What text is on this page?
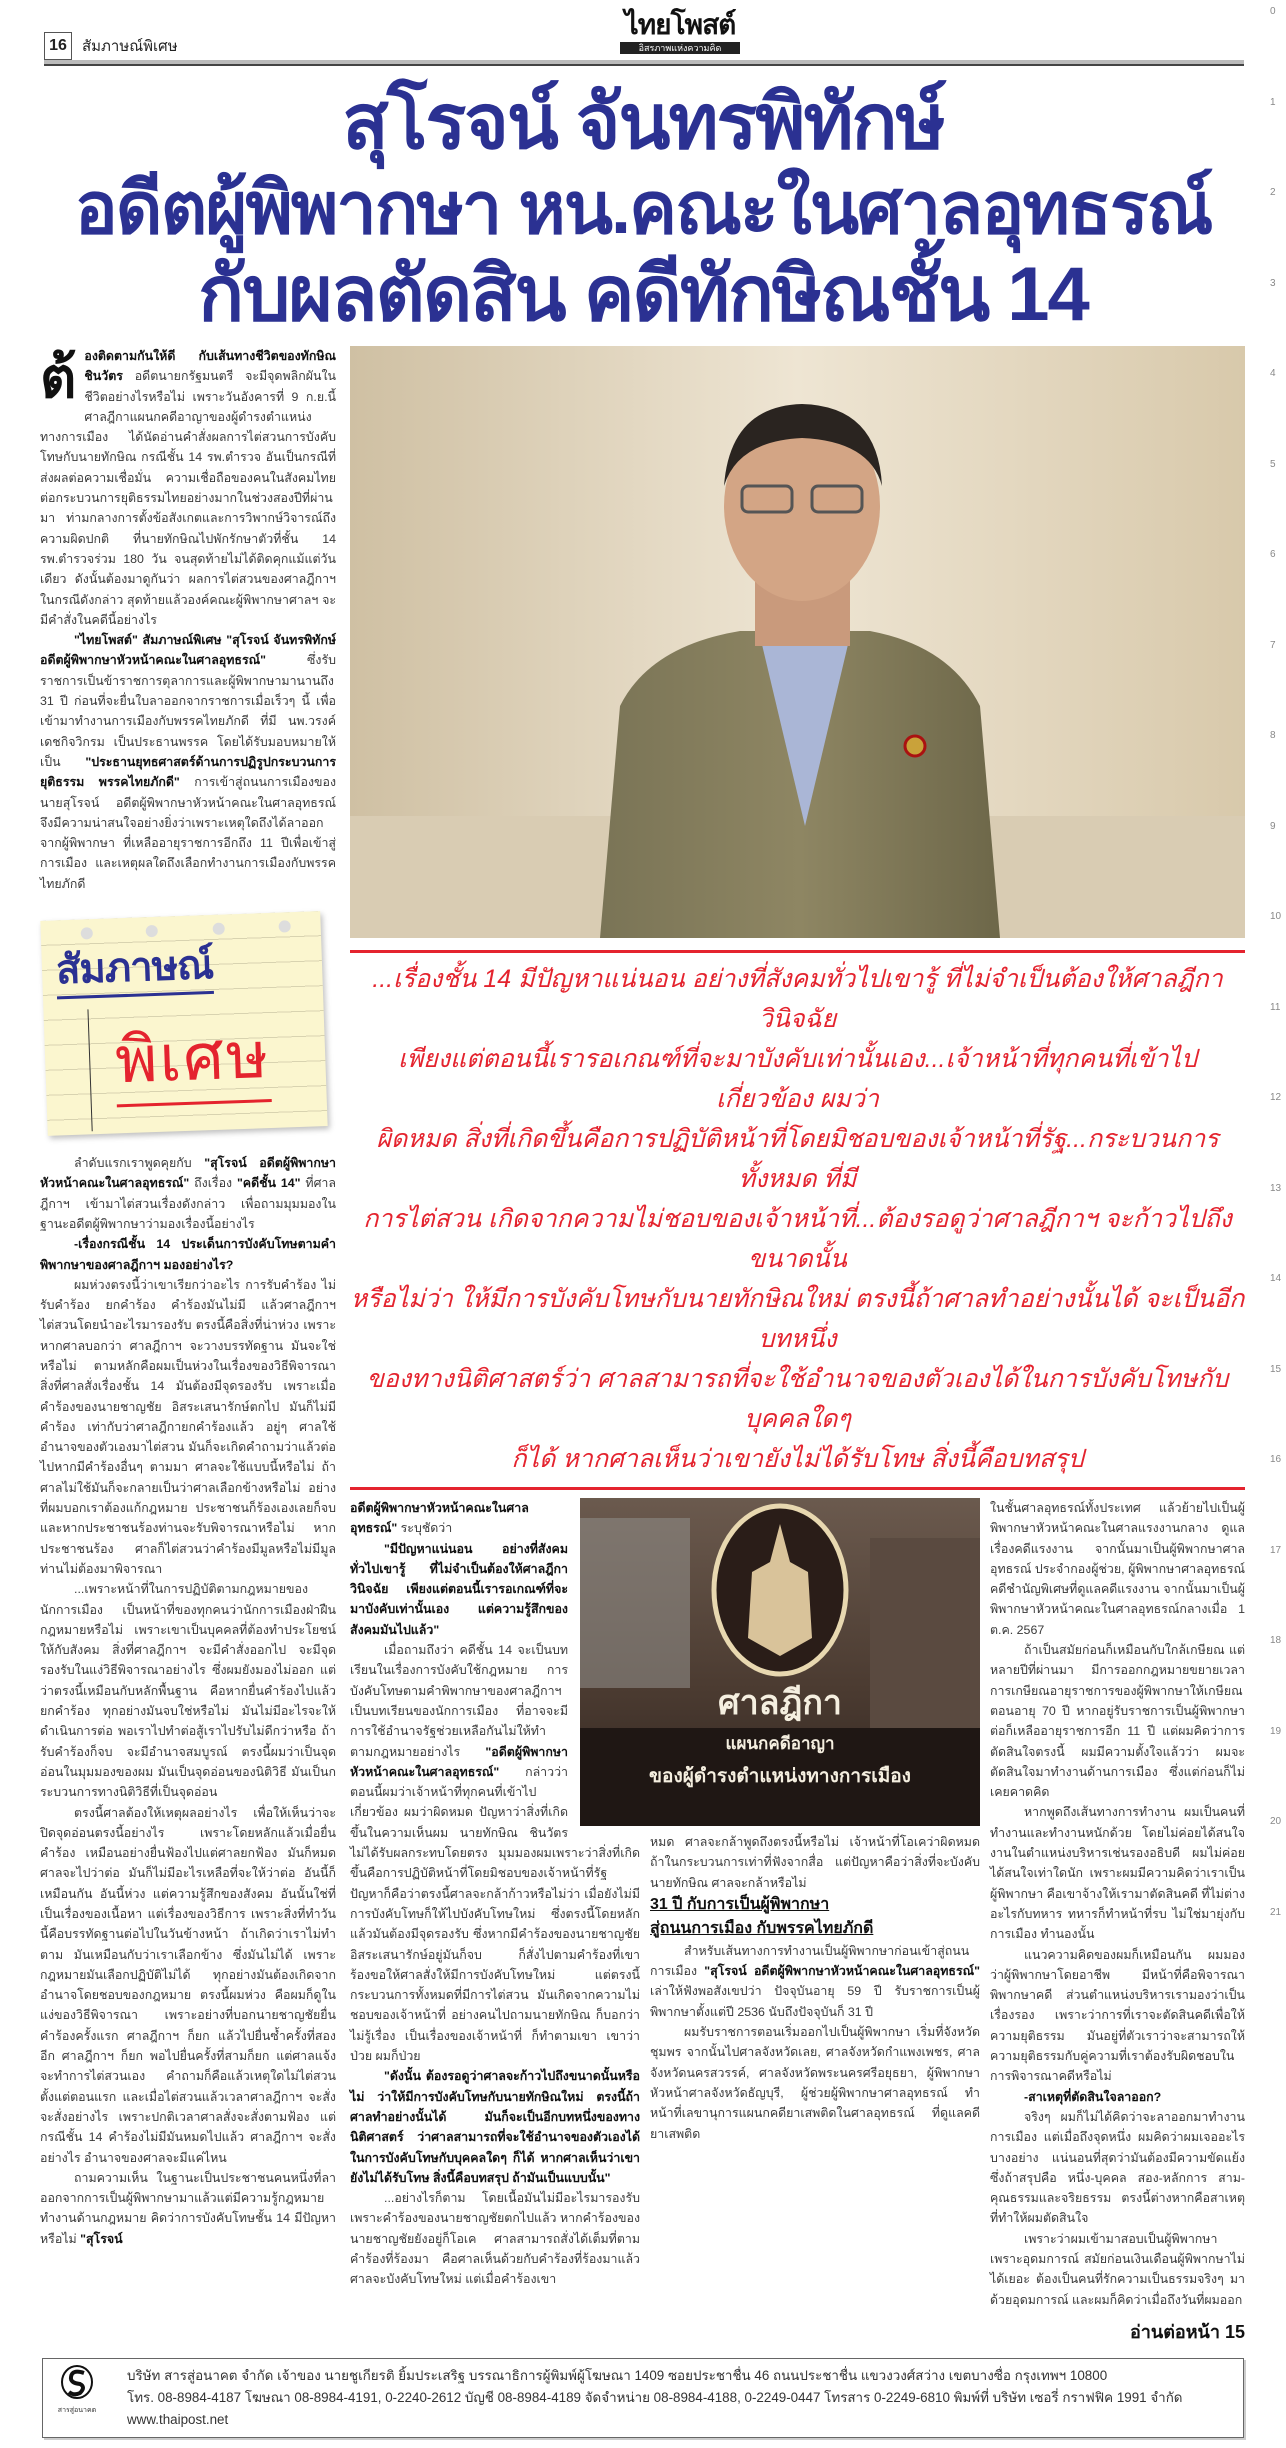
16	สัมภาษณ์พิเศษ
ไทยโพสต์
อิสรภาพแห่งความคิด
สุโรจน์ จันทรพิทักษ์
อดีตผู้พิพากษา หน.คณะในศาลอุทธรณ์
กับผลตัดสิน คดีทักษิณชั้น 14
ต้ องติดตามกันให้ดี กับเส้นทางชีวิตของทักษิณ ชินวัตร อดีตนายกรัฐมนตรี จะมีจุดพลิกผันในชีวิตอย่างไรหรือไม่ เพราะวันอังคารที่ 9 ก.ย.นี้ ศาลฎีกาแผนกคดีอาญาของผู้ดำรงตำแหน่งทางการเมือง ได้นัดอ่านคำสั่งผลการไต่สวนการบังคับโทษกับนายทักษิณ กรณีชั้น 14 รพ.ตำรวจ อันเป็นกรณีที่ส่งผลต่อความเชื่อมั่น ความเชื่อถือของคนในสังคมไทย ต่อกระบวนการยุติธรรมไทยอย่างมากในช่วงสองปีที่ผ่านมา ท่ามกลางการตั้งข้อสังเกตและการวิพากษ์วิจารณ์ถึงความผิดปกติ ที่นายทักษิณไปพักรักษาตัวที่ชั้น 14 รพ.ตำรวจร่วม 180 วัน จนสุดท้ายไม่ได้ติดคุกแม้แต่วันเดียว ดังนั้นต้องมาดูกันว่า ผลการไต่สวนของศาลฎีกาฯ ในกรณีดังกล่าว สุดท้ายแล้วองค์คณะผู้พิพากษาศาลฯ จะมีคำสั่งในคดีนี้อย่างไร

"ไทยโพสต์" สัมภาษณ์พิเศษ "สุโรจน์ จันทรพิทักษ์ อดีตผู้พิพากษาหัวหน้าคณะในศาลอุทธรณ์" ซึ่งรับราชการเป็นข้าราชการตุลาการและผู้พิพากษามานานถึง 31 ปี ก่อนที่จะยื่นใบลาออกจากราชการเมื่อเร็วๆ นี้ เพื่อเข้ามาทำงานการเมืองกับพรรคไทยภักดี ที่มี นพ.วรงค์ เดชกิจวิกรม เป็นประธานพรรค โดยได้รับมอบหมายให้เป็น "ประธานยุทธศาสตร์ด้านการปฏิรูปกระบวนการยุติธรรม พรรคไทยภักดี" การเข้าสู่ถนนการเมืองของนายสุโรจน์ อดีตผู้พิพากษาหัวหน้าคณะในศาลอุทธรณ์ จึงมีความน่าสนใจอย่างยิ่งว่าเพราะเหตุใดถึงได้ลาออกจากผู้พิพากษา ที่เหลืออายุราชการอีกถึง 11 ปีเพื่อเข้าสู่การเมือง และเหตุผลใดถึงเลือกทำงานการเมืองกับพรรคไทยภักดี

สัมภาษณ์
พิเศษ

ลำดับแรกเราพูดคุยกับ "สุโรจน์ อดีตผู้พิพากษาหัวหน้าคณะในศาลอุทธรณ์" ถึงเรื่อง "คดีชั้น 14" ที่ศาลฎีกาฯ เข้ามาไต่สวนเรื่องดังกล่าว เพื่อถามมุมมองในฐานะอดีตผู้พิพากษาว่ามองเรื่องนี้อย่างไร

-เรื่องกรณีชั้น 14 ประเด็นการบังคับโทษตามคำพิพากษาของศาลฎีกาฯ มองอย่างไร?

ผมห่วงตรงนี้ว่าเขาเรียกว่าอะไร การรับคำร้อง ไม่รับคำร้อง ยกคำร้อง คำร้องมันไม่มี แล้วศาลฎีกาฯ ไต่สวนโดยนำอะไรมารองรับ ตรงนี้คือสิ่งที่น่าห่วง เพราะหากศาลบอกว่า ศาลฎีกาฯ จะวางบรรทัดฐาน มันจะใช่หรือไม่ ตามหลักคือผมเป็นห่วงในเรื่องของวิธีพิจารณา สิ่งที่ศาลสั่งเรื่องชั้น 14 มันต้องมีจุดรองรับ เพราะเมื่อคำร้องของนายชาญชัย อิสระเสนารักษ์ตกไป มันก็ไม่มีคำร้อง เท่ากับว่าศาลฎีกายกคำร้องแล้ว อยู่ๆ ศาลใช้อำนาจของตัวเองมาไต่สวน มันก็จะเกิดคำถามว่าแล้วต่อไปหากมีคำร้องอื่นๆ ตามมา ศาลจะใช้แบบนี้หรือไม่ ถ้าศาลไม่ใช้มันก็จะกลายเป็นว่าศาลเลือกข้างหรือไม่ อย่างที่ผมบอกเราต้องแก้กฎหมาย ประชาชนก็ร้องเองเลยก็จบ และหากประชาชนร้องท่านจะรับพิจารณาหรือไม่ หากประชาชนร้อง ศาลก็ไต่สวนว่าคำร้องมีมูลหรือไม่มีมูล ท่านไม่ต้องมาพิจารณา

...เพราะหน้าที่ในการปฏิบัติตามกฎหมายของนักการเมือง เป็นหน้าที่ของทุกคนว่านักการเมืองฝ่าฝืนกฎหมายหรือไม่ เพราะเขาเป็นบุคคลที่ต้องทำประโยชน์ให้กับสังคม สิ่งที่ศาลฎีกาฯ จะมีคำสั่งออกไป จะมีจุดรองรับในแง่วิธีพิจารณาอย่างไร ซึ่งผมยังมองไม่ออก แต่ว่าตรงนี้เหมือนกับหลักพื้นฐาน คือหากยื่นคำร้องไปแล้วยกคำร้อง ทุกอย่างมันจบใช่หรือไม่ มันไม่มีอะไรจะให้ดำเนินการต่อ พอเราไปทำต่อสู้เราไปรับไม่ดีกว่าหรือ ถ้ารับคำร้องก็จบ จะมีอำนาจสมบูรณ์ ตรงนี้ผมว่าเป็นจุดอ่อนในมุมมองของผม มันเป็นจุดอ่อนของนิติวิธี มันเป็นกระบวนการทางนิติวิธีที่เป็นจุดอ่อน

ตรงนี้ศาลต้องให้เหตุผลอย่างไร เพื่อให้เห็นว่าจะปิดจุดอ่อนตรงนี้อย่างไร เพราะโดยหลักแล้วเมื่อยื่นคำร้อง เหมือนอย่างยื่นฟ้องไปแต่ศาลยกฟ้อง มันก็หมด ศาลจะไปว่าต่อ มันก็ไม่มีอะไรเหลือที่จะให้ว่าต่อ อันนี้ก็เหมือนกัน อันนี้ห่วง แต่ความรู้สึกของสังคม อันนั้นใช่ที่เป็นเรื่องของเนื้อหา แต่เรื่องของวิธีการ เพราะสิ่งที่ทำวันนี้คือบรรทัดฐานต่อไปในวันข้างหน้า ถ้าเกิดว่าเราไม่ทำตาม มันเหมือนกับว่าเราเลือกข้าง ซึ่งมันไม่ได้ เพราะกฎหมายมันเลือกปฏิบัติไม่ได้ ทุกอย่างมันต้องเกิดจากอำนาจโดยชอบของกฎหมาย ตรงนี้ผมห่วง คือผมก็ดูในแง่ของวิธีพิจารณา เพราะอย่างที่บอกนายชาญชัยยื่นคำร้องครั้งแรก ศาลฎีกาฯ ก็ยก แล้วไปยื่นซ้ำครั้งที่สองอีก ศาลฎีกาฯ ก็ยก พอไปยื่นครั้งที่สามก็ยก แต่ศาลแจ้งจะทำการไต่สวนเอง คำถามก็คือแล้วเหตุใดไม่ไต่สวนตั้งแต่ตอนแรก และเมื่อไต่สวนแล้วเวลาศาลฎีกาฯ จะสั่ง จะสั่งอย่างไร เพราะปกติเวลาศาลสั่งจะสั่งตามฟ้อง แต่กรณีชั้น 14 คำร้องไม่มีมันหมดไปแล้ว ศาลฎีกาฯ จะสั่งอย่างไร อำนาจของศาลจะมีแค่ไหน

ถามความเห็น ในฐานะเป็นประชาชนคนหนึ่งที่ลาออกจากการเป็นผู้พิพากษามาแล้วแต่มีความรู้กฎหมาย ทำงานด้านกฎหมาย คิดว่าการบังคับโทษชั้น 14 มีปัญหาหรือไม่ "สุโรจน์

...เรื่องชั้น 14 มีปัญหาแน่นอน อย่างที่สังคมทั่วไปเขารู้ ที่ไม่จำเป็นต้องให้ศาลฎีกาวินิจฉัย
เพียงแต่ตอนนี้เรารอเกณฑ์ที่จะมาบังคับเท่านั้นเอง...เจ้าหน้าที่ทุกคนที่เข้าไปเกี่ยวข้อง ผมว่า
ผิดหมด สิ่งที่เกิดขึ้นคือการปฏิบัติหน้าที่โดยมิชอบของเจ้าหน้าที่รัฐ...กระบวนการทั้งหมด ที่มี
การไต่สวน เกิดจากความไม่ชอบของเจ้าหน้าที่...ต้องรอดูว่าศาลฎีกาฯ จะก้าวไปถึงขนาดนั้น
หรือไม่ว่า ให้มีการบังคับโทษกับนายทักษิณใหม่ ตรงนี้ถ้าศาลทำอย่างนั้นได้ จะเป็นอีกบทหนึ่ง
ของทางนิติศาสตร์ว่า ศาลสามารถที่จะใช้อำนาจของตัวเองได้ในการบังคับโทษกับบุคคลใดๆ
ก็ได้ หากศาลเห็นว่าเขายังไม่ได้รับโทษ สิ่งนี้คือบทสรุป

อดีตผู้พิพากษาหัวหน้าคณะในศาลอุทธรณ์" ระบุชัดว่า

"มีปัญหาแน่นอน อย่างที่สังคมทั่วไปเขารู้ ที่ไม่จำเป็นต้องให้ศาลฎีกาวินิจฉัย เพียงแต่ตอนนี้เรารอเกณฑ์ที่จะมาบังคับเท่านั้นเอง แต่ความรู้สึกของสังคมมันไปแล้ว"

เมื่อถามถึงว่า คดีชั้น 14 จะเป็นบทเรียนในเรื่องการบังคับใช้กฎหมาย การบังคับโทษตามคำพิพากษาของศาลฎีกาฯ เป็นบทเรียนของนักการเมือง ที่อาจจะมีการใช้อำนาจรัฐช่วยเหลือกันไม่ให้ทำตามกฎหมายอย่างไร "อดีตผู้พิพากษาหัวหน้าคณะในศาลอุทธรณ์" กล่าวว่า ตอนนี้ผมว่าเจ้าหน้าที่ทุกคนที่เข้าไปเกี่ยวข้อง ผมว่าผิดหมด ปัญหาว่าสิ่งที่เกิดขึ้นในความเห็นผม นายทักษิณ ชินวัตร ไม่ได้รับผลกระทบโดยตรง มุมมองผมเพราะว่าสิ่งที่เกิดขึ้นคือการปฏิบัติหน้าที่โดยมิชอบของเจ้าหน้าที่รัฐ ปัญหาก็คือว่าตรงนี้ศาลจะกล้าก้าวหรือไม่ว่า เมื่อยังไม่มีการบังคับโทษก็ให้ไปบังคับโทษใหม่ ซึ่งตรงนี้โดยหลักแล้วมันต้องมีจุดรองรับ ซึ่งหากมีคำร้องของนายชาญชัย อิสระเสนารักษ์อยู่มันก็จบ ก็สั่งไปตามคำร้องที่เขาร้องขอให้ศาลสั่งให้มีการบังคับโทษใหม่ แต่ตรงนี้กระบวนการทั้งหมดที่มีการไต่สวน มันเกิดจากความไม่ชอบของเจ้าหน้าที่ อย่างคนไปถามนายทักษิณ ก็บอกว่าไม่รู้เรื่อง เป็นเรื่องของเจ้าหน้าที่ ก็ทำตามเขา เขาว่าป่วย ผมก็ป่วย

"ดังนั้น ต้องรอดูว่าศาลจะก้าวไปถึงขนาดนั้นหรือไม่ ว่าให้มีการบังคับโทษกับนายทักษิณใหม่ ตรงนี้ถ้าศาลทำอย่างนั้นได้ มันก็จะเป็นอีกบทหนึ่งของทางนิติศาสตร์ ว่าศาลสามารถที่จะใช้อำนาจของตัวเองได้ในการบังคับโทษกับบุคคลใดๆ ก็ได้ หากศาลเห็นว่าเขายังไม่ได้รับโทษ สิ่งนี้คือบทสรุป ถ้ามันเป็นแบบนั้น"

...อย่างไรก็ตาม โดยเนื้อมันไม่มีอะไรมารองรับเพราะคำร้องของนายชาญชัยตกไปแล้ว หากคำร้องของนายชาญชัยยังอยู่ก็โอเค ศาลสามารถสั่งได้เต็มที่ตามคำร้องที่ร้องมา คือศาลเห็นด้วยกับคำร้องที่ร้องมาแล้วศาลจะบังคับโทษใหม่ แต่เมื่อคำร้องเขา

ศาลฎีกา
แผนกคดีอาญา
ของผู้ดำรงตำแหน่งทางการเมือง

หมด ศาลจะกล้าพูดถึงตรงนี้หรือไม่ เจ้าหน้าที่โอเคว่าผิดหมด ถ้าในกระบวนการเท่าที่ฟังจากสื่อ แต่ปัญหาคือว่าสิ่งที่จะบังคับนายทักษิณ ศาลจะกล้าหรือไม่

31 ปี กับการเป็นผู้พิพากษา
สู่ถนนการเมือง กับพรรคไทยภักดี

สำหรับเส้นทางการทำงานเป็นผู้พิพากษาก่อนเข้าสู่ถนนการเมือง "สุโรจน์ อดีตผู้พิพากษาหัวหน้าคณะในศาลอุทธรณ์" เล่าให้ฟังพอสังเขปว่า ปัจจุบันอายุ 59 ปี รับราชการเป็นผู้พิพากษาตั้งแต่ปี 2536 นับถึงปัจจุบันก็ 31 ปี

ผมรับราชการตอนเริ่มออกไปเป็นผู้พิพากษา เริ่มที่จังหวัดชุมพร จากนั้นไปศาลจังหวัดเลย, ศาลจังหวัดกำแพงเพชร, ศาลจังหวัดนครสวรรค์, ศาลจังหวัดพระนครศรีอยุธยา, ผู้พิพากษาหัวหน้าศาลจังหวัดธัญบุรี, ผู้ช่วยผู้พิพากษาศาลอุทธรณ์ ทำหน้าที่เลขานุการแผนกคดียาเสพติดในศาลอุทธรณ์ ที่ดูแลคดียาเสพติด

ในชั้นศาลอุทธรณ์ทั้งประเทศ แล้วย้ายไปเป็นผู้พิพากษาหัวหน้าคณะในศาลแรงงานกลาง ดูแลเรื่องคดีแรงงาน จากนั้นมาเป็นผู้พิพากษาศาลอุทธรณ์ ประจำกองผู้ช่วย, ผู้พิพากษาศาลอุทธรณ์คดีชำนัญพิเศษที่ดูแลคดีแรงงาน จากนั้นมาเป็นผู้พิพากษาหัวหน้าคณะในศาลอุทธรณ์กลางเมื่อ 1 ต.ค. 2567

ถ้าเป็นสมัยก่อนก็เหมือนกับใกล้เกษียณ แต่หลายปีที่ผ่านมา มีการออกกฎหมายขยายเวลาการเกษียณอายุราชการของผู้พิพากษาให้เกษียณตอนอายุ 70 ปี หากอยู่รับราชการเป็นผู้พิพากษาต่อก็เหลืออายุราชการอีก 11 ปี แต่ผมคิดว่าการตัดสินใจตรงนี้ ผมมีความตั้งใจแล้วว่า ผมจะตัดสินใจมาทำงานด้านการเมือง ซึ่งแต่ก่อนก็ไม่เคยคาดคิด

หากพูดถึงเส้นทางการทำงาน ผมเป็นคนที่ทำงานและทำงานหนักด้วย โดยไม่ค่อยได้สนใจงานในตำแหน่งบริหารเช่นรองอธิบดี ผมไม่ค่อยได้สนใจเท่าใดนัก เพราะผมมีความคิดว่าเราเป็นผู้พิพากษา คือเขาจ้างให้เรามาตัดสินคดี ที่ไม่ต่างอะไรกับทหาร ทหารก็ทำหน้าที่รบ ไม่ใช่มายุ่งกับการเมือง ทำนองนั้น

แนวความคิดของผมก็เหมือนกัน ผมมองว่าผู้พิพากษาโดยอาชีพ มีหน้าที่คือพิจารณาพิพากษาคดี ส่วนตำแหน่งบริหารเรามองว่าเป็นเรื่องรอง เพราะว่าการที่เราจะตัดสินคดีเพื่อให้ความยุติธรรม มันอยู่ที่ตัวเราว่าจะสามารถให้ความยุติธรรมกับคู่ความที่เราต้องรับผิดชอบในการพิจารณาคดีหรือไม่

-สาเหตุที่ตัดสินใจลาออก?

จริงๆ ผมก็ไม่ได้คิดว่าจะลาออกมาทำงานการเมือง แต่เมื่อถึงจุดหนึ่ง ผมคิดว่าผมเจออะไรบางอย่าง แน่นอนที่สุดว่ามันต้องมีความขัดแย้ง ซึ่งถ้าสรุปคือ หนึ่ง-บุคคล สอง-หลักการ สาม-คุณธรรมและจริยธรรม ตรงนี้ต่างหากคือสาเหตุที่ทำให้ผมตัดสินใจ

เพราะว่าผมเข้ามาสอบเป็นผู้พิพากษาเพราะอุดมการณ์ สมัยก่อนเงินเดือนผู้พิพากษาไม่ได้เยอะ ต้องเป็นคนที่รักความเป็นธรรมจริงๆ มาด้วยอุดมการณ์ และผมก็คิดว่าเมื่อถึงวันที่ผมออก

อ่านต่อหน้า 15
สารสู่อนาคต
บริษัท สารสู่อนาคต จำกัด เจ้าของ นายชูเกียรติ ยิ้มประเสริฐ บรรณาธิการผู้พิมพ์ผู้โฆษณา 1409 ซอยประชาชื่น 46 ถนนประชาชื่น แขวงวงศ์สว่าง เขตบางซื่อ กรุงเทพฯ 10800
โทร. 08-8984-4187 โฆษณา 08-8984-4191, 0-2240-2612 บัญชี 08-8984-4189 จัดจำหน่าย 08-8984-4188, 0-2249-0447 โทรสาร 0-2249-6810 พิมพ์ที่ บริษัท เซอรี่ กราฟฟิค 1991 จำกัด www.thaipost.net
0
1
2
3
4
5
6
7
8
9
10
11
12
13
14
15
16
17
18
19
20
21
